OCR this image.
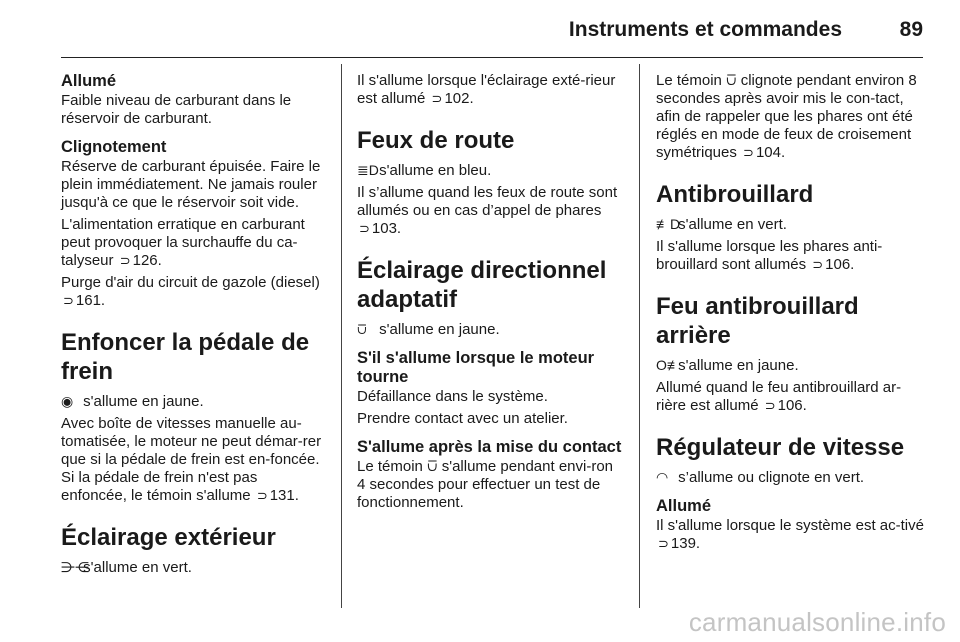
Instruments et commandes	89
Allumé
Faible niveau de carburant dans le réservoir de carburant.
Clignotement
Réserve de carburant épuisée. Faire le plein immédiatement. Ne jamais rouler jusqu'à ce que le réservoir soit vide.
L'alimentation erratique en carburant peut provoquer la surchauffe du ca-talyseur ⊃ 126.
Purge d'air du circuit de gazole (diesel) ⊃ 161.
Enfoncer la pédale de frein
◉ s'allume en jaune.
Avec boîte de vitesses manuelle au-tomatisée, le moteur ne peut démar-rer que si la pédale de frein est en-foncée. Si la pédale de frein n'est pas enfoncée, le témoin s'allume ⊃ 131.
Éclairage extérieur
⋺⋲ s'allume en vert.
Il s'allume lorsque l'éclairage exté-rieur est allumé ⊃ 102.
Feux de route
≣D s'allume en bleu.
Il s’allume quand les feux de route sont allumés ou en cas d’appel de phares ⊃ 103.
Éclairage directionnel adaptatif
⩂ s'allume en jaune.
S'il s'allume lorsque le moteur tourne
Défaillance dans le système.
Prendre contact avec un atelier.
S'allume après la mise du contact
Le témoin ⩂ s'allume pendant envi-ron 4 secondes pour effectuer un test de fonctionnement.
Le témoin ⩂ clignote pendant environ 8 secondes après avoir mis le con-tact, afin de rappeler que les phares ont été réglés en mode de feux de croisement symétriques ⊃ 104.
Antibrouillard
≢D s'allume en vert.
Il s'allume lorsque les phares anti-brouillard sont allumés ⊃ 106.
Feu antibrouillard arrière
O≢ s'allume en jaune.
Allumé quand le feu antibrouillard ar-rière est allumé ⊃ 106.
Régulateur de vitesse
◠ s’allume ou clignote en vert.
Allumé
Il s'allume lorsque le système est ac-tivé ⊃ 139.
carmanualsonline.info
